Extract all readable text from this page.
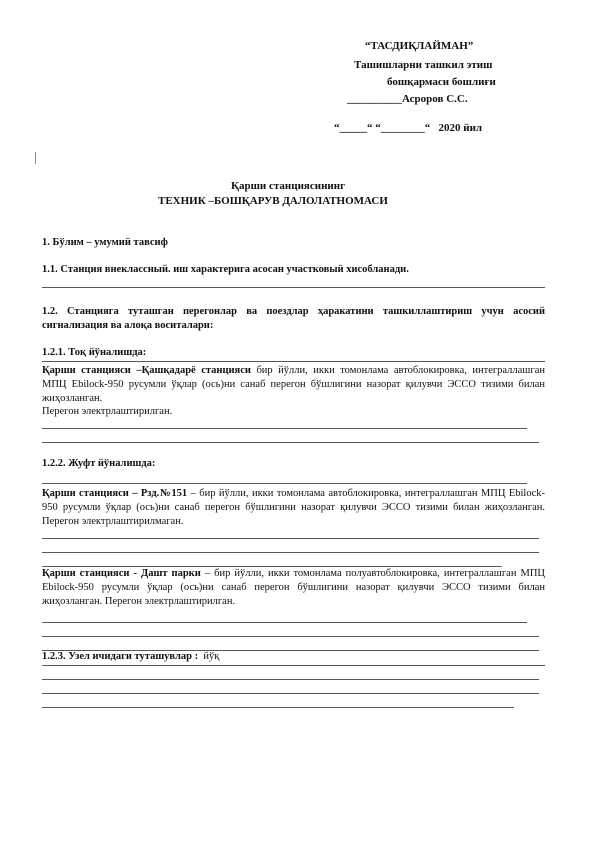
“ТАСДИҚЛАЙМАН”
Ташишларни ташкил этиш
бошқармаси бошлиғи
__________Асроров С.С.
“_____“ “________“ 2020 йил
Қарши станциясининг
ТЕХНИК –БОШҚАРУВ ДАЛОЛАТНОМАСИ
1. Бўлим – умумий тавсиф
1.1. Станция внеклассный. иш характерига асосан участковый хисобланади.
1.2. Станцияга туташган перегонлар ва поездлар ҳаракатини ташкиллаштириш учун асосий сигнализация ва алоқа воситалари:
1.2.1. Тоқ йўналишда:
Қарши станцияси –Қашқадарё станцияси бир йўлли, икки томонлама автоблокировка, интеграллашган МПЦ Ebilock-950 русумли ўқлар (ось)ни санаб перегон бўшлигини назорат қилувчи ЭССО тизими билан жиҳозланган.
Перегон электрлаштирилган.
1.2.2. Жуфт йўналишда:
Қарши станцияси – Рзд.№151 – бир йўлли, икки томонлама автоблокировка, интеграллашган МПЦ Ebilock-950 русумли ўқлар (ось)ни санаб перегон бўшлигини назорат қилувчи ЭССО тизими билан жиҳозланган. Перегон электрлаштирилмаган.
Қарши станцияси - Дашт парки – бир йўлли, икки томонлама полуавтоблокировка, интеграллашган МПЦ Ebilock-950 русумли ўқлар (ось)ни санаб перегон бўшлигини назорат қилувчи ЭССО тизими билан жиҳозланган. Перегон электрлаштирилган.
1.2.3. Узел ичидаги туташувлар : йўқ
